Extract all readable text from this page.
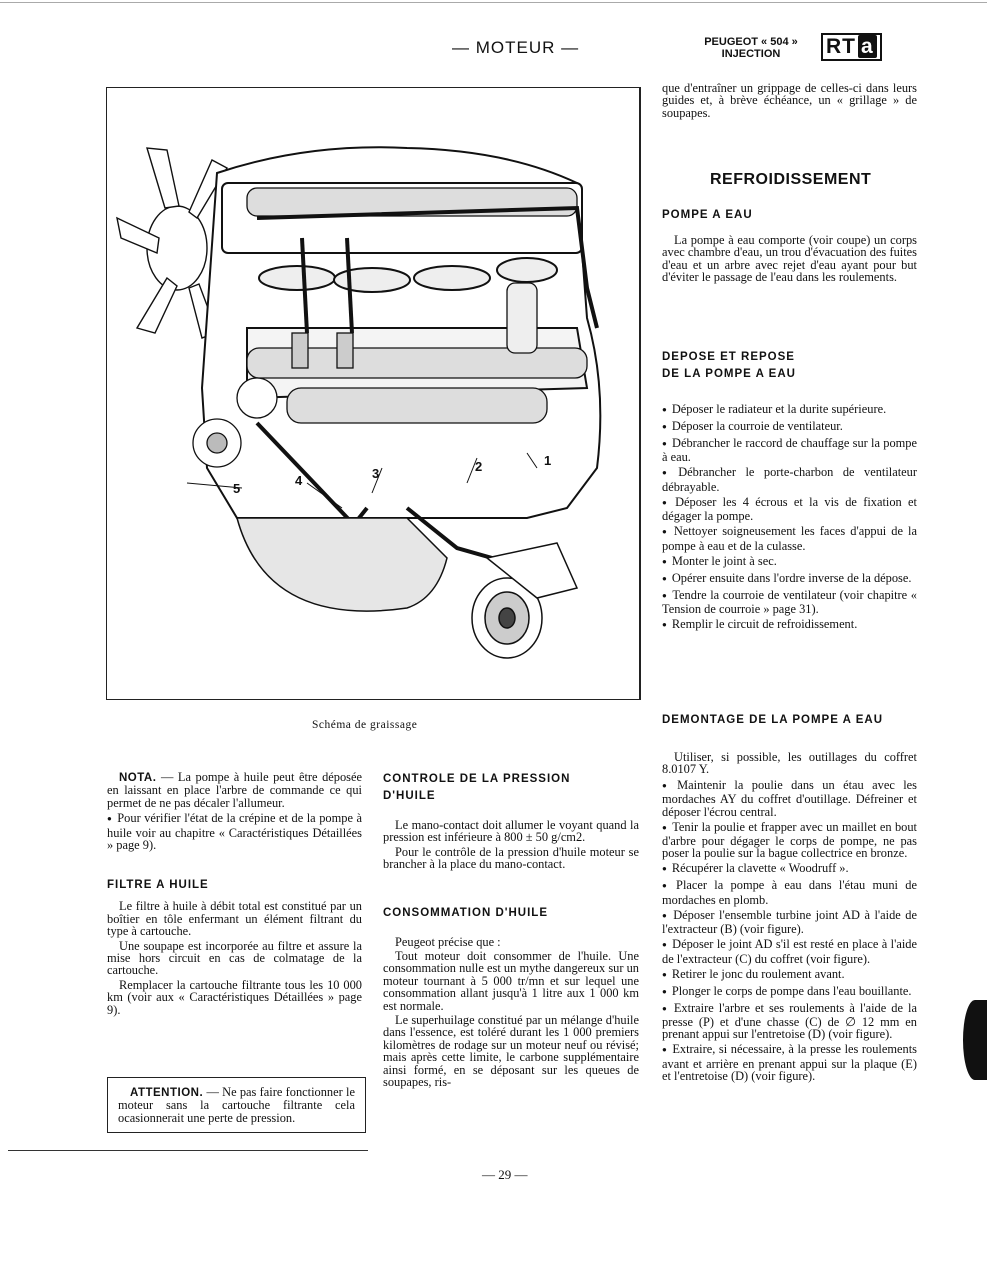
— MOTEUR —	PEUGEOT « 504 »
INJECTION	RT a
5
4	3	2	1
Schéma de graissage

NOTA. — La pompe à huile peut être déposée en laissant en place l'arbre de commande ce qui permet de ne pas décaler l'allumeur.

● Pour vérifier l'état de la crépine et de la pompe à huile voir au chapitre « Caractéristiques Détaillées » page 9).

FILTRE A HUILE

Le filtre à huile à débit total est constitué par un boîtier en tôle enfermant un élément filtrant du type à cartouche.

Une soupape est incorporée au filtre et assure la mise hors circuit en cas de colmatage de la cartouche.

Remplacer la cartouche filtrante tous les 10 000 km (voir aux « Caractéristiques Détaillées » page 9).

ATTENTION. — Ne pas faire fonctionner le moteur sans la cartouche filtrante cela ocasionnerait une perte de pression.

CONTROLE DE LA PRESSION

D'HUILE

Le mano-contact doit allumer le voyant quand la pression est inférieure à 800 ± 50 g/cm2.

Pour le contrôle de la pression d'huile moteur se brancher à la place du mano-contact.

CONSOMMATION D'HUILE

Peugeot précise que :

Tout moteur doit consommer de l'huile. Une consommation nulle est un mythe dangereux sur un moteur tournant à 5 000 tr/mn et sur lequel une consommation allant jusqu'à 1 litre aux 1 000 km est normale.

Le superhuilage constitué par un mélange d'huile dans l'essence, est toléré durant les 1 000 premiers kilomètres de rodage sur un moteur neuf ou révisé; mais après cette limite, le carbone supplémentaire ainsi formé, en se déposant sur les queues de soupapes, ris-

que d'entraîner un grippage de celles-ci dans leurs guides et, à brève échéance, un « grillage » de soupapes.

REFROIDISSEMENT

POMPE A EAU

La pompe à eau comporte (voir coupe) un corps avec chambre d'eau, un trou d'évacuation des fuites d'eau et un arbre avec rejet d'eau ayant pour but d'éviter le passage de l'eau dans les roulements.

DEPOSE ET REPOSE

DE LA POMPE A EAU

● Déposer le radiateur et la durite supérieure.
● Déposer la courroie de ventilateur.
● Débrancher le raccord de chauffage sur la pompe à eau.
● Débrancher le porte-charbon de ventilateur débrayable.
● Déposer les 4 écrous et la vis de fixation et dégager la pompe.
● Nettoyer soigneusement les faces d'appui de la pompe à eau et de la culasse.
● Monter le joint à sec.
● Opérer ensuite dans l'ordre inverse de la dépose.
● Tendre la courroie de ventilateur (voir chapitre « Tension de courroie » page 31).
● Remplir le circuit de refroidissement.

DEMONTAGE DE LA POMPE A EAU

Utiliser, si possible, les outillages du coffret 8.0107 Y.

● Maintenir la poulie dans un étau avec les mordaches AY du coffret d'outillage. Défreiner et déposer l'écrou central.
● Tenir la poulie et frapper avec un maillet en bout d'arbre pour dégager le corps de pompe, ne pas poser la poulie sur la bague collectrice en bronze.
● Récupérer la clavette « Woodruff ».
● Placer la pompe à eau dans l'étau muni de mordaches en plomb.
● Déposer l'ensemble turbine joint AD à l'aide de l'extracteur (B) (voir figure).
● Déposer le joint AD s'il est resté en place à l'aide de l'extracteur (C) du coffret (voir figure).
● Retirer le jonc du roulement avant.
● Plonger le corps de pompe dans l'eau bouillante.
● Extraire l'arbre et ses roulements à l'aide de la presse (P) et d'une chasse (C) de ∅ 12 mm en prenant appui sur l'entretoise (D) (voir figure).
● Extraire, si nécessaire, à la presse les roulements avant et arrière en prenant appui sur la plaque (E) et l'entretoise (D) (voir figure).
— 29 —
